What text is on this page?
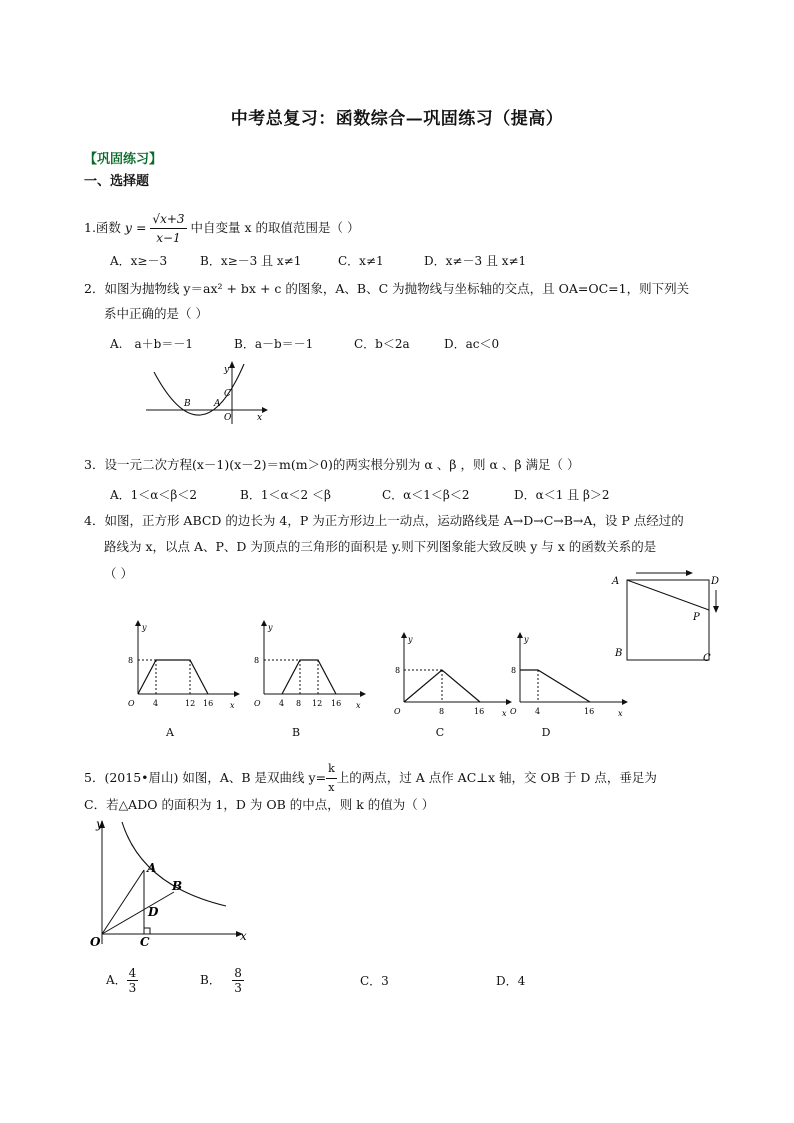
中考总复习：函数综合—巩固练习（提高）
【巩固练习】
一、选择题
1.函数 $y = \frac{√x+3}{x-1}$ 中自变量 x 的取值范围是（ ）
A．x≥－3	B．x≥－3 且 x≠1	C．x≠1	D．x≠－3 且 x≠1
2．如图为抛物线 y＝ax² + bx + c 的图象，A、B、C 为抛物线与坐标轴的交点，且 OA=OC=1，则下列关
系中正确的是（ ）
A.　a＋b＝－1	B．a－b＝－1	C．b＜2a	D．ac＜0
y
x
O
B	A
C
3．设一元二次方程(x－1)(x－2)＝m(m＞0)的两实根分别为 α 、β ，则 α 、β 满足（ ）
A．1＜α＜β＜2	B．1＜α＜2 ＜β	C．α＜1＜β＜2	D．α＜1 且 β＞2
4．如图，正方形 ABCD 的边长为 4，P 为正方形边上一动点，运动路线是 A→D→C→B→A，设 P 点经过的
路线为 x，以点 A、P、D 为顶点的三角形的面积是 y.则下列图象能大致反映 y 与 x 的函数关系的是
（ ）
A	D
B	C
P
y
x
O
8
4	12 16
A
y
x
O
8
4 8 12 16
B
y
x
O
8
8	16
C
y
x
O
8
4	16
D
5．(2015•眉山) 如图，A、B 是双曲线 $y= \frac{k}{x}$ 上的两点，过 A 点作 AC⊥x 轴，交 OB 于 D 点，垂足为
C．若△ADO 的面积为 1，D 为 OB 的中点，则 k 的值为（ ）
y
x
O	C
A
B
D
A． $\frac{4}{3}$	B． $\frac{8}{3}$	C．3	D．4
